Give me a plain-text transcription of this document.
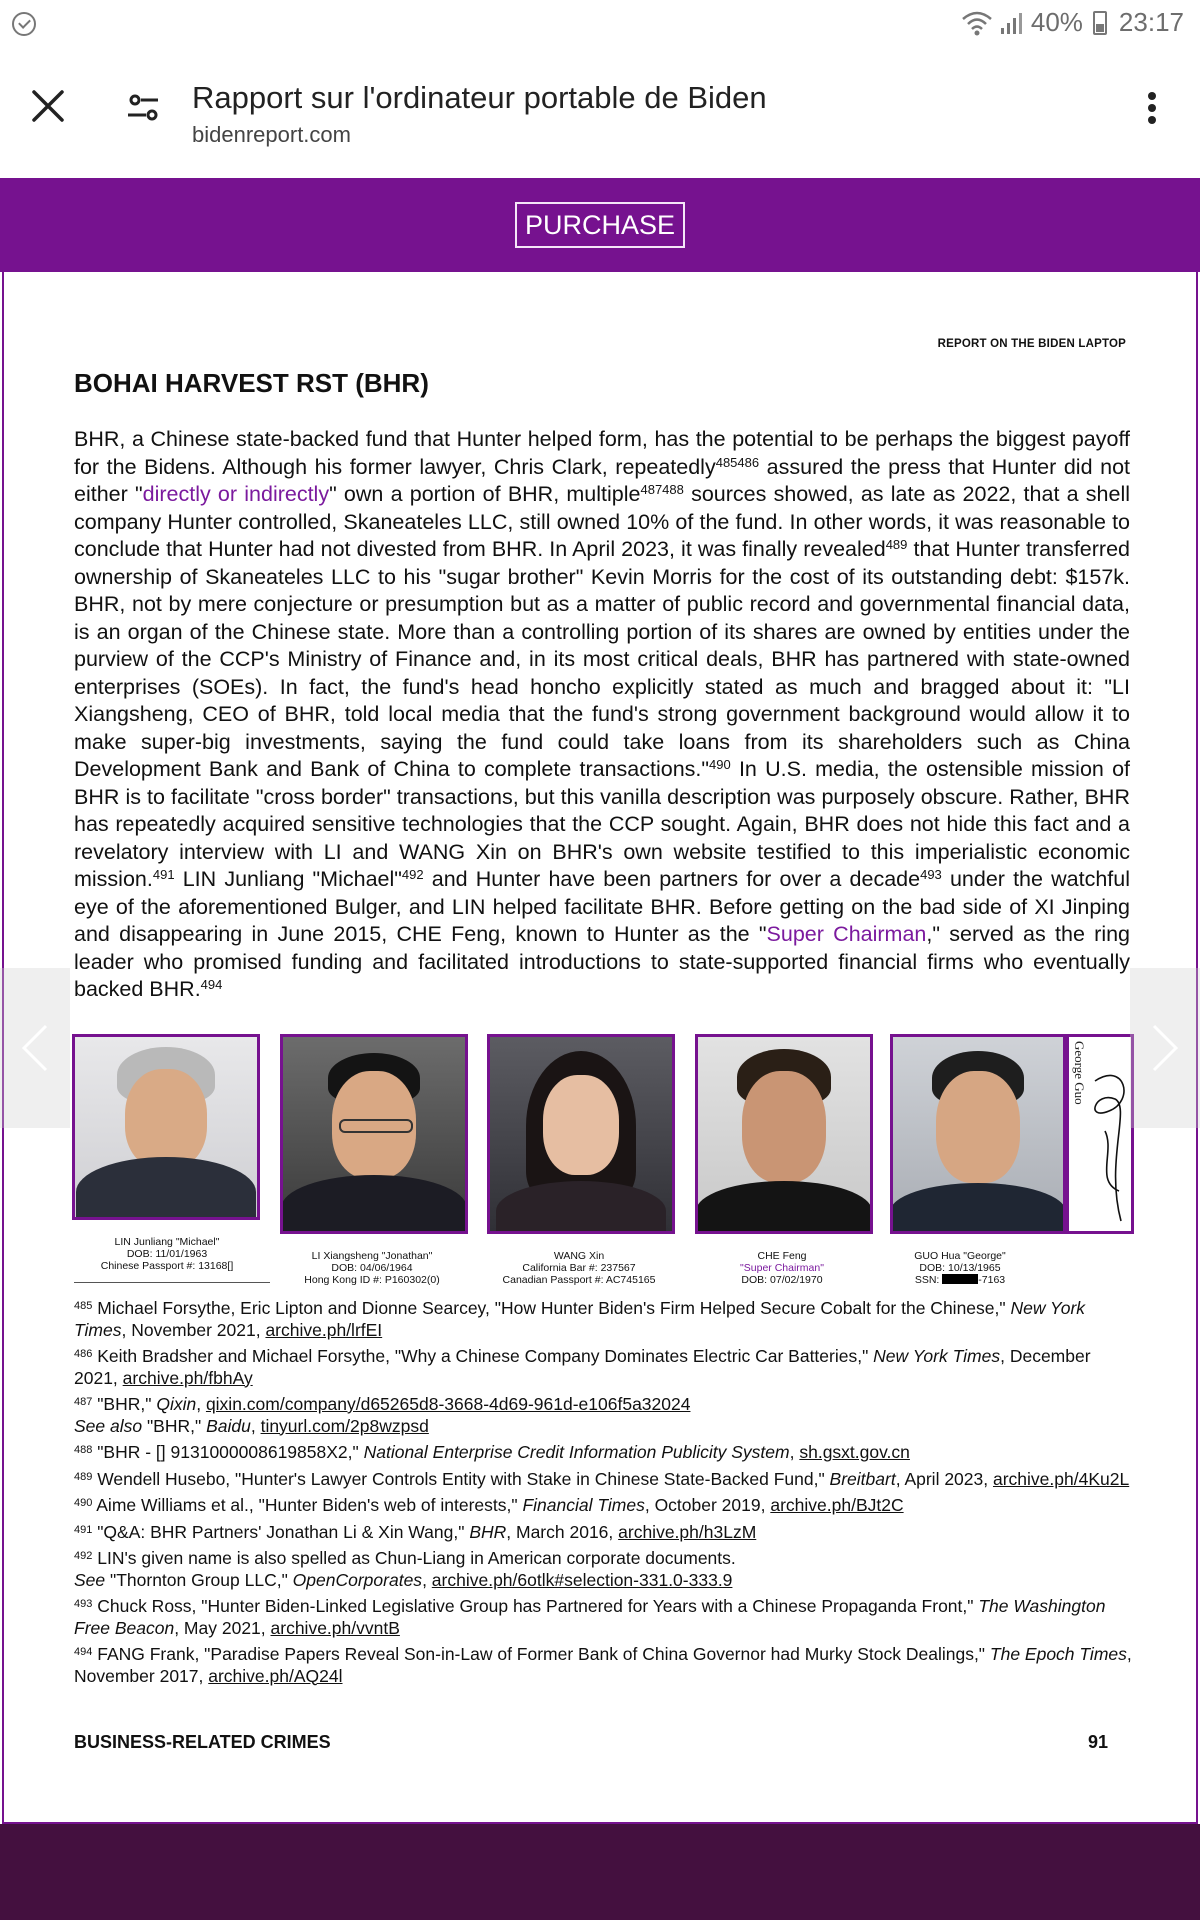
40% 23:17
Rapport sur l'ordinateur portable de Biden
bidenreport.com
PURCHASE
REPORT ON THE BIDEN LAPTOP
BOHAI HARVEST RST (BHR)
BHR, a Chinese state-backed fund that Hunter helped form, has the potential to be perhaps the biggest payoff for the Bidens. Although his former lawyer, Chris Clark, repeatedly$^{485486}$ assured the press that Hunter did not either "directly or indirectly" own a portion of BHR, multiple$^{487488}$ sources showed, as late as 2022, that a shell company Hunter controlled, Skaneateles LLC, still owned 10% of the fund. In other words, it was reasonable to conclude that Hunter had not divested from BHR. In April 2023, it was finally revealed$^{489}$ that Hunter transferred ownership of Skaneateles LLC to his "sugar brother" Kevin Morris for the cost of its outstanding debt: $157k. BHR, not by mere conjecture or presumption but as a matter of public record and governmental financial data, is an organ of the Chinese state. More than a controlling portion of its shares are owned by entities under the purview of the CCP's Ministry of Finance and, in its most critical deals, BHR has partnered with state-owned enterprises (SOEs). In fact, the fund's head honcho explicitly stated as much and bragged about it: "LI Xiangsheng, CEO of BHR, told local media that the fund's strong government background would allow it to make super-big investments, saying the fund could take loans from its shareholders such as China Development Bank and Bank of China to complete transactions."$^{490}$ In U.S. media, the ostensible mission of BHR is to facilitate "cross border" transactions, but this vanilla description was purposely obscure. Rather, BHR has repeatedly acquired sensitive technologies that the CCP sought. Again, BHR does not hide this fact and a revelatory interview with LI and WANG Xin on BHR's own website testified to this imperialistic economic mission.$^{491}$ LIN Junliang "Michael"$^{492}$ and Hunter have been partners for over a decade$^{493}$ under the watchful eye of the aforementioned Bulger, and LIN helped facilitate BHR. Before getting on the bad side of XI Jinping and disappearing in June 2015, CHE Feng, known to Hunter as the "Super Chairman," served as the ring leader who promised funding and facilitated introductions to state-supported financial firms who eventually backed BHR.$^{494}$
George Guo
LIN Junliang "Michael"
DOB: 11/01/1963
Chinese Passport #: 13168[]
LI Xiangsheng "Jonathan"
DOB: 04/06/1964
Hong Kong ID #: P160302(0)
WANG Xin
California Bar #: 237567
Canadian Passport #: AC745165
CHE Feng
"Super Chairman"
DOB: 07/02/1970
GUO Hua "George"
DOB: 10/13/1965
SSN:	-7163
$^{485}$ Michael Forsythe, Eric Lipton and Dionne Searcey, "How Hunter Biden's Firm Helped Secure Cobalt for the Chinese," New York Times, November 2021, archive.ph/lrfEI
$^{486}$ Keith Bradsher and Michael Forsythe, "Why a Chinese Company Dominates Electric Car Batteries," New York Times, December 2021, archive.ph/fbhAy
$^{487}$ "BHR," Qixin, qixin.com/company/d65265d8-3668-4d69-961d-e106f5a32024
See also "BHR," Baidu, tinyurl.com/2p8wzpsd
$^{488}$ "BHR - [] 9131000008619858X2," National Enterprise Credit Information Publicity System, sh.gsxt.gov.cn
$^{489}$ Wendell Husebo, "Hunter's Lawyer Controls Entity with Stake in Chinese State-Backed Fund," Breitbart, April 2023, archive.ph/4Ku2L
$^{490}$ Aime Williams et al., "Hunter Biden's web of interests," Financial Times, October 2019, archive.ph/BJt2C
$^{491}$ "Q&A: BHR Partners' Jonathan Li & Xin Wang," BHR, March 2016, archive.ph/h3LzM
$^{492}$ LIN's given name is also spelled as Chun-Liang in American corporate documents.
See "Thornton Group LLC," OpenCorporates, archive.ph/6otlk#selection-331.0-333.9
$^{493}$ Chuck Ross, "Hunter Biden-Linked Legislative Group has Partnered for Years with a Chinese Propaganda Front," The Washington Free Beacon, May 2021, archive.ph/vvntB
$^{494}$ FANG Frank, "Paradise Papers Reveal Son-in-Law of Former Bank of China Governor had Murky Stock Dealings," The Epoch Times, November 2017, archive.ph/AQ24l
BUSINESS-RELATED CRIMES	91
